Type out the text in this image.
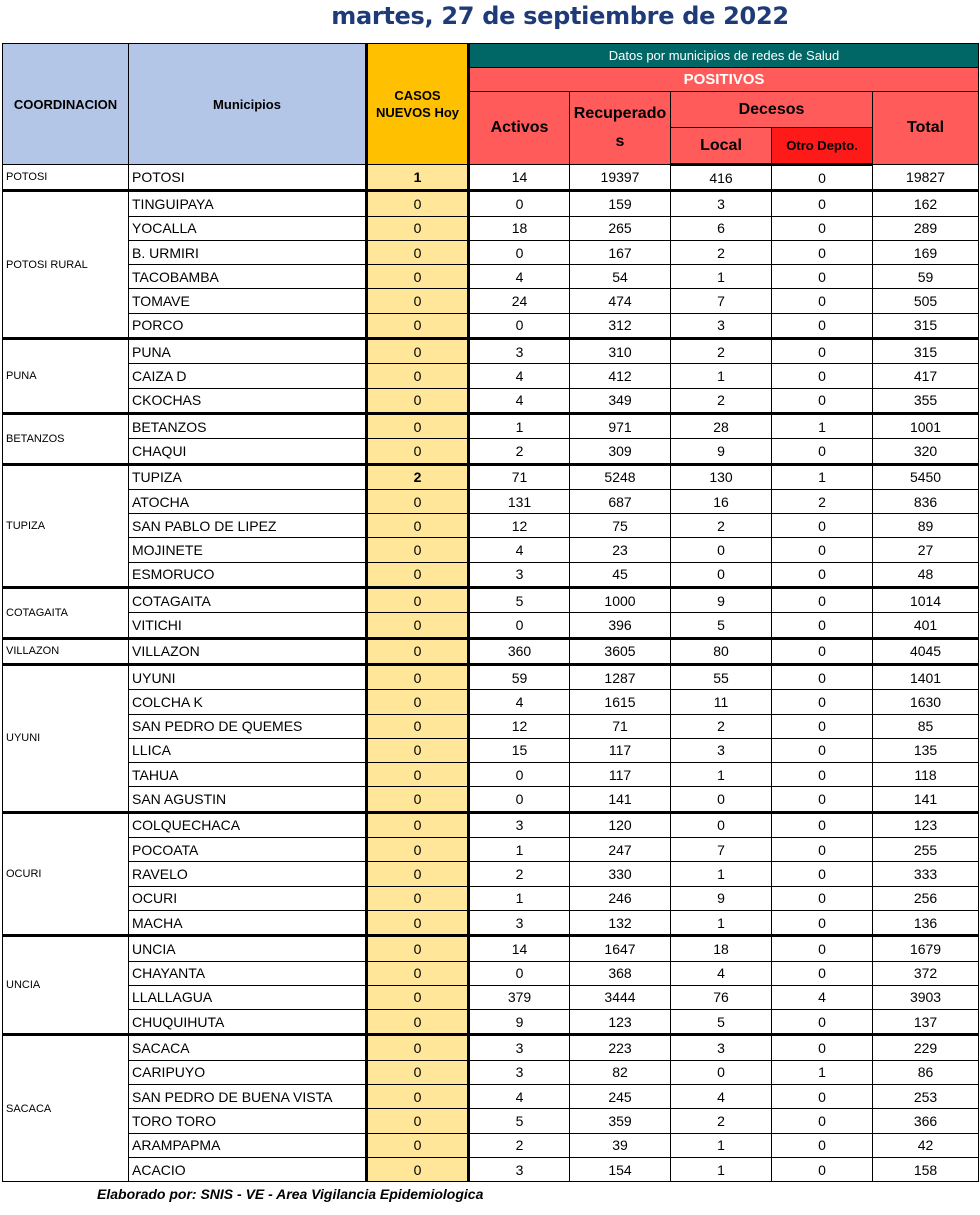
martes, 27 de septiembre de 2022
COORDINACION	Municipios	CASOS NUEVOS Hoy	Datos por municipios de redes de Salud				
			POSITIVOS				
			Activos	Recuperados	Decesos		Total
					Local	Otro Depto.	
POTOSI	POTOSI	1	14	19397	416	0	19827
POTOSI RURAL	TINGUIPAYA	0	0	159	3	0	162
	YOCALLA	0	18	265	6	0	289
	B. URMIRI	0	0	167	2	0	169
	TACOBAMBA	0	4	54	1	0	59
	TOMAVE	0	24	474	7	0	505
	PORCO	0	0	312	3	0	315
PUNA	PUNA	0	3	310	2	0	315
	CAIZA D	0	4	412	1	0	417
	CKOCHAS	0	4	349	2	0	355
BETANZOS	BETANZOS	0	1	971	28	1	1001
	CHAQUI	0	2	309	9	0	320
TUPIZA	TUPIZA	2	71	5248	130	1	5450
	ATOCHA	0	131	687	16	2	836
	SAN PABLO DE LIPEZ	0	12	75	2	0	89
	MOJINETE	0	4	23	0	0	27
	ESMORUCO	0	3	45	0	0	48
COTAGAITA	COTAGAITA	0	5	1000	9	0	1014
	VITICHI	0	0	396	5	0	401
VILLAZON	VILLAZON	0	360	3605	80	0	4045
UYUNI	UYUNI	0	59	1287	55	0	1401
	COLCHA K	0	4	1615	11	0	1630
	SAN PEDRO DE QUEMES	0	12	71	2	0	85
	LLICA	0	15	117	3	0	135
	TAHUA	0	0	117	1	0	118
	SAN AGUSTIN	0	0	141	0	0	141
OCURI	COLQUECHACA	0	3	120	0	0	123
	POCOATA	0	1	247	7	0	255
	RAVELO	0	2	330	1	0	333
	OCURI	0	1	246	9	0	256
	MACHA	0	3	132	1	0	136
UNCIA	UNCIA	0	14	1647	18	0	1679
	CHAYANTA	0	0	368	4	0	372
	LLALLAGUA	0	379	3444	76	4	3903
	CHUQUIHUTA	0	9	123	5	0	137
SACACA	SACACA	0	3	223	3	0	229
	CARIPUYO	0	3	82	0	1	86
	SAN PEDRO DE BUENA VISTA	0	4	245	4	0	253
	TORO TORO	0	5	359	2	0	366
	ARAMPAPMA	0	2	39	1	0	42
	ACACIO	0	3	154	1	0	158
Elaborado por: SNIS - VE - Area Vigilancia Epidemiologica
